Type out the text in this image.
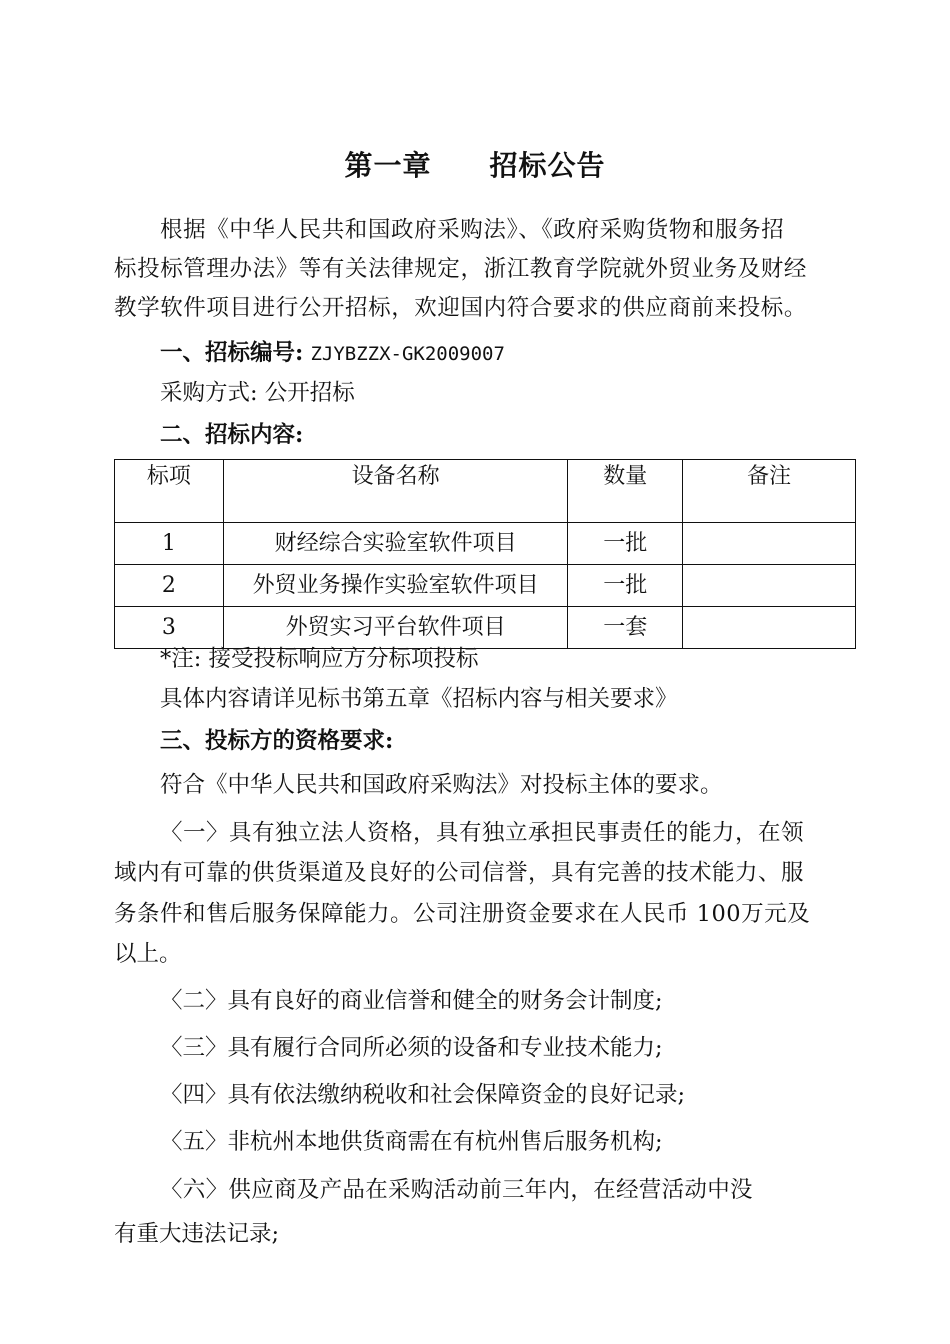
第一章 招标公告
根据《中华人民共和国政府采购法》、《政府采购货物和服务招
标投标管理办法》等有关法律规定，浙江教育学院就外贸业务及财经
教学软件项目进行公开招标，欢迎国内符合要求的供应商前来投标。
一、招标编号: ZJYBZZX-GK2009007
采购方式: 公开招标
二、招标内容:
标项	设备名称	数量	备注
1	财经综合实验室软件项目	一批	
2	外贸业务操作实验室软件项目	一批	
3	外贸实习平台软件项目	一套	
*注: 接受投标响应方分标项投标
具体内容请详见标书第五章《招标内容与相关要求》
三、投标方的资格要求:
符合《中华人民共和国政府采购法》对投标主体的要求。
〈一〉具有独立法人资格，具有独立承担民事责任的能力，在领
域内有可靠的供货渠道及良好的公司信誉，具有完善的技术能力、服
务条件和售后服务保障能力。公司注册资金要求在人民币 100万元及
以上。
〈二〉具有良好的商业信誉和健全的财务会计制度;
〈三〉具有履行合同所必须的设备和专业技术能力;
〈四〉具有依法缴纳税收和社会保障资金的良好记录;
〈五〉非杭州本地供货商需在有杭州售后服务机构;
〈六〉供应商及产品在采购活动前三年内，在经营活动中没
有重大违法记录;
